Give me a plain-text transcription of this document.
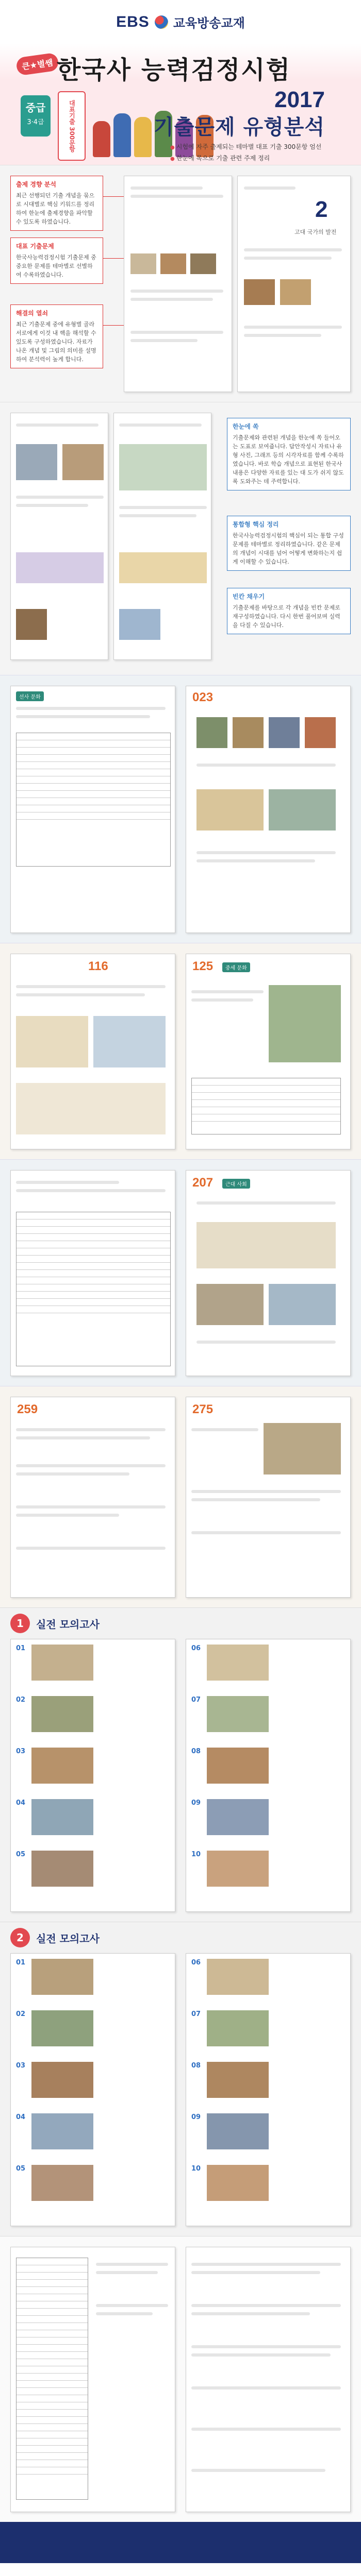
EBS 교육방송교재
큰★별쌤 한국사 능력검정시험
중급
3·4급	대표기출 300문항
2017
기출문제 유형분석
● 시험에 자주 출제되는 테마별 대표 기출 300문항 엄선
● 한눈에 목으로 기출 관련 주제 정리
출제 경향 분석
최근 선행되던 기출 개념을 묶으로 시대별로 핵심 키워드를 정리하여 한눈에 출제경향을 파악할 수 있도록 하였습니다.
대표 기출문제
한국사능력검정시험 기출문제 중 중요한 문제를 테마별로 선별하여 수록하였습니다.
해결의 열쇠
최근 기출문제 중에 유형별 골라 서로에게 이것 내 핵을 해석할 수 있도록 구성하였습니다. 자료가 나온 개념 및 그림의 의미를 설명하여 분석력이 높게 합니다.
2
고대 국가의 발전
한눈에 쏙
기출문제와 관련된 개념을 한눈에 쏙 들어오는 도표로 보여줍니다. 답안작성시 자료나 유형 사진, 그래프 등의 시각자료를 함께 수록하였습니다. 바로 학습 개념으로 표현된 한국사 내용은 다양한 자료를 있는 대 도가 쉬지 않도록 도와주는 데 주력합니다.
통합형 핵심 정리
한국사능력검정시험의 핵심이 되는 통합 구성 문제를 테마별로 정리하였습니다. 같은 문제의 개념이 시대를 넘어 어떻게 변화하는지 쉽게 이해할 수 있습니다.
빈칸 채우기
기출문제를 바탕으로 각 개념을 빈칸 문제로 재구성하였습니다. 다시 한번 풀어보며 실력을 다질 수 있습니다.
선사 문화	023
116	125	중세 문화
207	근대 사회
259	275
1	실전 모의고사
01
02
03
04
05
06
07
08
09
10
2	실전 모의고사
01
02
03
04
05
06
07
08
09
10
